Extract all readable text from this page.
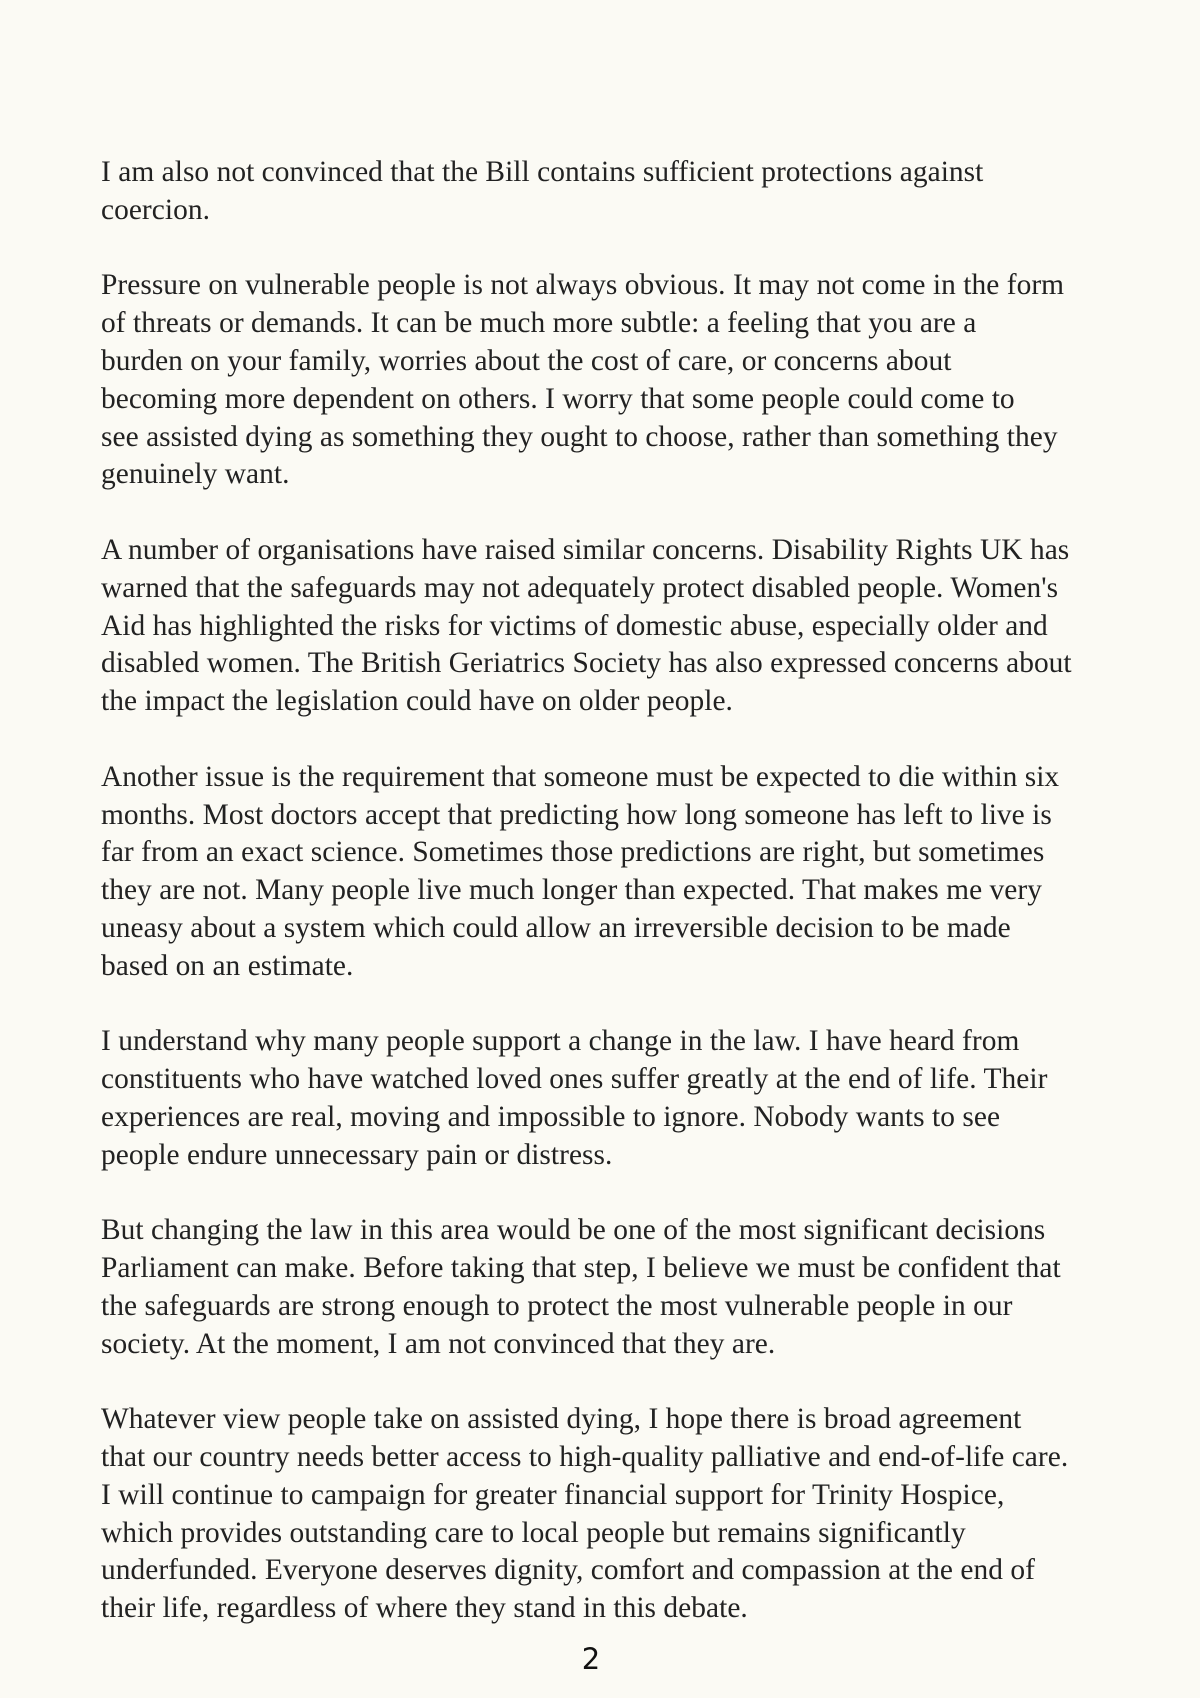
I am also not convinced that the Bill contains sufficient protections against
coercion.

Pressure on vulnerable people is not always obvious. It may not come in the form
of threats or demands. It can be much more subtle: a feeling that you are a
burden on your family, worries about the cost of care, or concerns about
becoming more dependent on others. I worry that some people could come to
see assisted dying as something they ought to choose, rather than something they
genuinely want.

A number of organisations have raised similar concerns. Disability Rights UK has
warned that the safeguards may not adequately protect disabled people. Women's
Aid has highlighted the risks for victims of domestic abuse, especially older and
disabled women. The British Geriatrics Society has also expressed concerns about
the impact the legislation could have on older people.

Another issue is the requirement that someone must be expected to die within six
months. Most doctors accept that predicting how long someone has left to live is
far from an exact science. Sometimes those predictions are right, but sometimes
they are not. Many people live much longer than expected. That makes me very
uneasy about a system which could allow an irreversible decision to be made
based on an estimate.

I understand why many people support a change in the law. I have heard from
constituents who have watched loved ones suffer greatly at the end of life. Their
experiences are real, moving and impossible to ignore. Nobody wants to see
people endure unnecessary pain or distress.

But changing the law in this area would be one of the most significant decisions
Parliament can make. Before taking that step, I believe we must be confident that
the safeguards are strong enough to protect the most vulnerable people in our
society. At the moment, I am not convinced that they are.

Whatever view people take on assisted dying, I hope there is broad agreement
that our country needs better access to high-quality palliative and end-of-life care.
I will continue to campaign for greater financial support for Trinity Hospice,
which provides outstanding care to local people but remains significantly
underfunded. Everyone deserves dignity, comfort and compassion at the end of
their life, regardless of where they stand in this debate.

2
